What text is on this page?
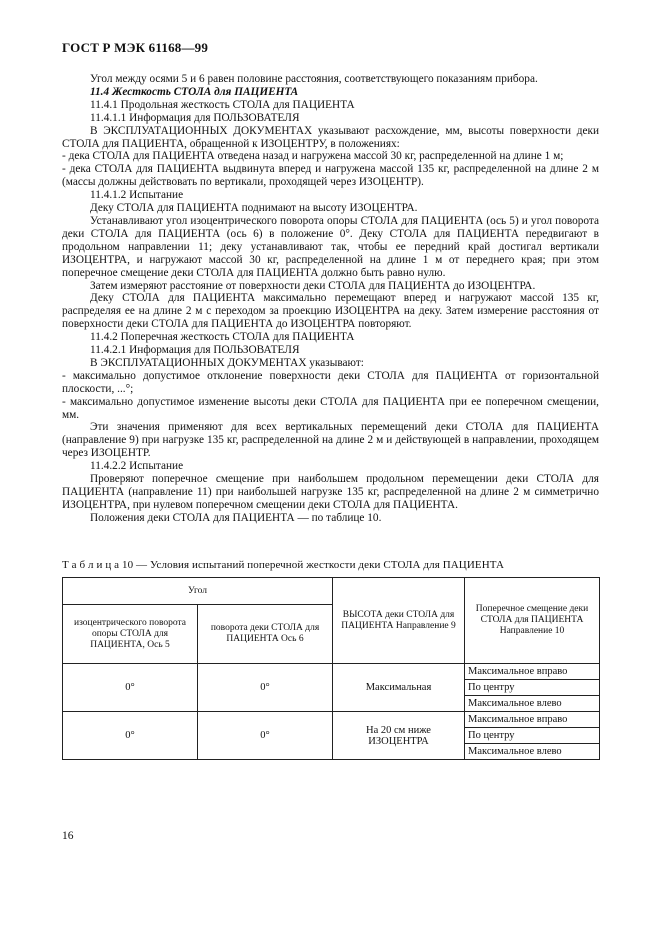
ГОСТ Р МЭК 61168—99

Угол между осями 5 и 6 равен половине расстояния, соответствующего показаниям прибора.

11.4 Жесткость СТОЛА для ПАЦИЕНТА

11.4.1 Продольная жесткость СТОЛА для ПАЦИЕНТА

11.4.1.1 Информация для ПОЛЬЗОВАТЕЛЯ

В ЭКСПЛУАТАЦИОННЫХ ДОКУМЕНТАХ указывают расхождение, мм, высоты поверхности деки СТОЛА для ПАЦИЕНТА, обращенной к ИЗОЦЕНТРУ, в положениях:

- дека СТОЛА для ПАЦИЕНТА отведена назад и нагружена массой 30 кг, распределенной на длине 1 м;

- дека СТОЛА для ПАЦИЕНТА выдвинута вперед и нагружена массой 135 кг, распределенной на длине 2 м (массы должны действовать по вертикали, проходящей через ИЗОЦЕНТР).

11.4.1.2 Испытание

Деку СТОЛА для ПАЦИЕНТА поднимают на высоту ИЗОЦЕНТРА.

Устанавливают угол изоцентрического поворота опоры СТОЛА для ПАЦИЕНТА (ось 5) и угол поворота деки СТОЛА для ПАЦИЕНТА (ось 6) в положение 0°. Деку СТОЛА для ПАЦИЕНТА передвигают в продольном направлении 11; деку устанавливают так, чтобы ее передний край достигал вертикали ИЗОЦЕНТРА, и нагружают массой 30 кг, распределенной на длине 1 м от переднего края; при этом поперечное смещение деки СТОЛА для ПАЦИЕНТА должно быть равно нулю.

Затем измеряют расстояние от поверхности деки СТОЛА для ПАЦИЕНТА до ИЗОЦЕНТРА.

Деку СТОЛА для ПАЦИЕНТА максимально перемещают вперед и нагружают массой 135 кг, распределяя ее на длине 2 м с переходом за проекцию ИЗОЦЕНТРА на деку. Затем измерение расстояния от поверхности деки СТОЛА для ПАЦИЕНТА до ИЗОЦЕНТРА повторяют.

11.4.2 Поперечная жесткость СТОЛА для ПАЦИЕНТА

11.4.2.1 Информация для ПОЛЬЗОВАТЕЛЯ

В ЭКСПЛУАТАЦИОННЫХ ДОКУМЕНТАХ указывают:

- максимально допустимое отклонение поверхности деки СТОЛА для ПАЦИЕНТА от горизонтальной плоскости, ...°;

- максимально допустимое изменение высоты деки СТОЛА для ПАЦИЕНТА при ее поперечном смещении, мм.

Эти значения применяют для всех вертикальных перемещений деки СТОЛА для ПАЦИЕНТА (направление 9) при нагрузке 135 кг, распределенной на длине 2 м и действующей в направлении, проходящем через ИЗОЦЕНТР.

11.4.2.2 Испытание

Проверяют поперечное смещение при наибольшем продольном перемещении деки СТОЛА для ПАЦИЕНТА (направление 11) при наибольшей нагрузке 135 кг, распределенной на длине 2 м симметрично ИЗОЦЕНТРА, при нулевом поперечном смещении деки СТОЛА для ПАЦИЕНТА.

Положения деки СТОЛА для ПАЦИЕНТА — по таблице 10.

Т а б л и ц а 10 — Условия испытаний поперечной жесткости деки СТОЛА для ПАЦИЕНТА
Угол		ВЫСОТА деки СТОЛА для ПАЦИЕНТА Направление 9	Поперечное смещение деки СТОЛА для ПАЦИЕНТА Направление 10
изоцентрического поворота опоры СТОЛА для ПАЦИЕНТА, Ось 5	поворота деки СТОЛА для ПАЦИЕНТА Ось 6		
0°	0°	Максимальная	Максимальное вправо
			По центру
			Максимальное влево
0°	0°	На 20 см ниже ИЗОЦЕНТРА	Максимальное вправо
			По центру
			Максимальное влево
16
